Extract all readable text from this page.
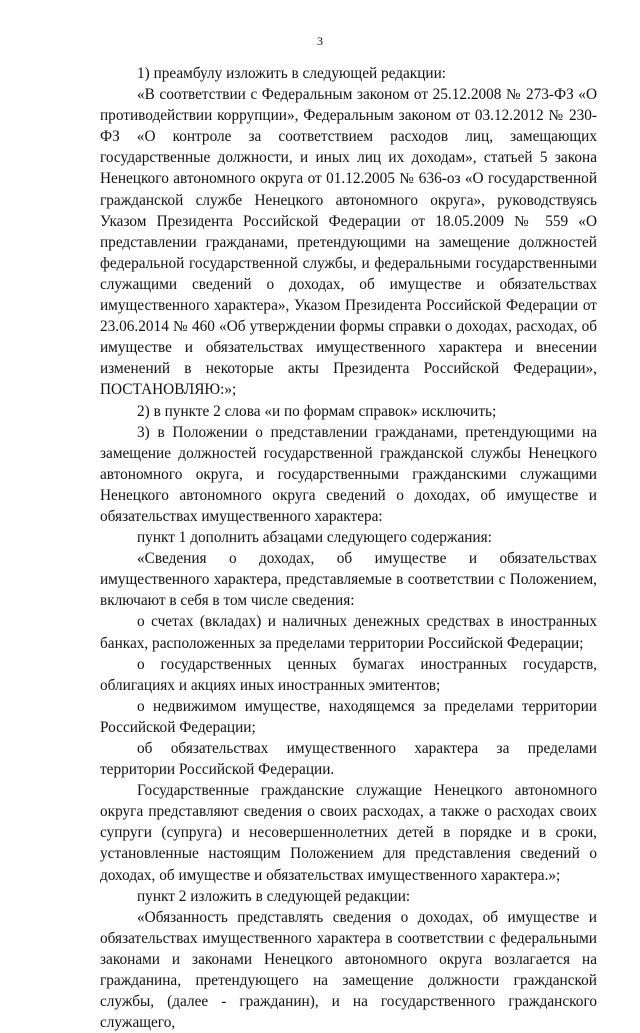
3

1) преамбулу изложить в следующей редакции:

«В соответствии с Федеральным законом от 25.12.2008 № 273-ФЗ «О противодействии коррупции», Федеральным законом от 03.12.2012 № 230-ФЗ «О контроле за соответствием расходов лиц, замещающих государственные должности, и иных лиц их доходам», статьей 5 закона Ненецкого автономного округа от 01.12.2005 № 636-оз «О государственной гражданской службе Ненецкого автономного округа», руководствуясь Указом Президента Российской Федерации от 18.05.2009 № 559 «О представлении гражданами, претендующими на замещение должностей федеральной государственной службы, и федеральными государственными служащими сведений о доходах, об имуществе и обязательствах имущественного характера», Указом Президента Российской Федерации от 23.06.2014 № 460 «Об утверждении формы справки о доходах, расходах, об имуществе и обязательствах имущественного характера и внесении изменений в некоторые акты Президента Российской Федерации», ПОСТАНОВЛЯЮ:»;

2) в пункте 2 слова «и по формам справок» исключить;

3) в Положении о представлении гражданами, претендующими на замещение должностей государственной гражданской службы Ненецкого автономного округа, и государственными гражданскими служащими Ненецкого автономного округа сведений о доходах, об имуществе и обязательствах имущественного характера:

пункт 1 дополнить абзацами следующего содержания:

«Сведения о доходах, об имуществе и обязательствах имущественного характера, представляемые в соответствии с Положением, включают в себя в том числе сведения:

о счетах (вкладах) и наличных денежных средствах в иностранных банках, расположенных за пределами территории Российской Федерации;

о государственных ценных бумагах иностранных государств, облигациях и акциях иных иностранных эмитентов;

о недвижимом имуществе, находящемся за пределами территории Российской Федерации;

об обязательствах имущественного характера за пределами территории Российской Федерации.

Государственные гражданские служащие Ненецкого автономного округа представляют сведения о своих расходах, а также о расходах своих супруги (супруга) и несовершеннолетних детей в порядке и в сроки, установленные настоящим Положением для представления сведений о доходах, об имуществе и обязательствах имущественного характера.»;

пункт 2 изложить в следующей редакции:

«Обязанность представлять сведения о доходах, об имуществе и обязательствах имущественного характера в соответствии с федеральными законами и законами Ненецкого автономного округа возлагается на гражданина, претендующего на замещение должности гражданской службы, (далее - гражданин), и на государственного гражданского служащего,
